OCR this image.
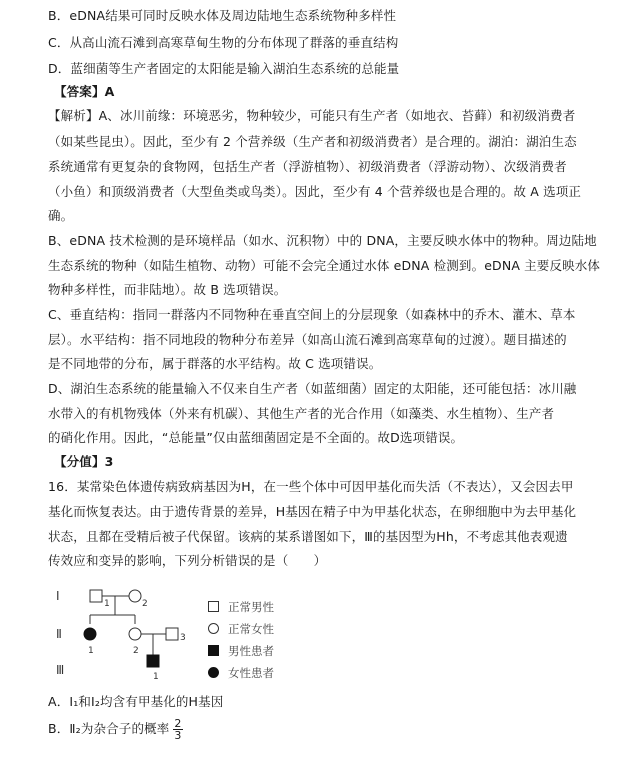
B．eDNA结果可同时反映水体及周边陆地生态系统物种多样性
C．从高山流石滩到高寒草甸生物的分布体现了群落的垂直结构
D．蓝细菌等生产者固定的太阳能是输入湖泊生态系统的总能量
【答案】A
【解析】A、冰川前缘：环境恶劣，物种较少，可能只有生产者（如地衣、苔藓）和初级消费者
（如某些昆虫）。因此，至少有 2 个营养级（生产者和初级消费者）是合理的。湖泊：湖泊生态
系统通常有更复杂的食物网，包括生产者（浮游植物）、初级消费者（浮游动物）、次级消费者
（小鱼）和顶级消费者（大型鱼类或鸟类）。因此，至少有 4 个营养级也是合理的。故 A 选项正
确。
B、eDNA 技术检测的是环境样品（如水、沉积物）中的 DNA，主要反映水体中的物种。周边陆地
生态系统的物种（如陆生植物、动物）可能不会完全通过水体 eDNA 检测到。eDNA 主要反映水体
物种多样性，而非陆地）。故 B 选项错误。
C、垂直结构：指同一群落内不同物种在垂直空间上的分层现象（如森林中的乔木、灌木、草本
层）。水平结构：指不同地段的物种分布差异（如高山流石滩到高寒草甸的过渡）。题目描述的
是不同地带的分布，属于群落的水平结构。故 C 选项错误。
D、湖泊生态系统的能量输入不仅来自生产者（如蓝细菌）固定的太阳能，还可能包括：冰川融
水带入的有机物残体（外来有机碳）、其他生产者的光合作用（如藻类、水生植物）、生产者
的硝化作用。因此，“总能量”仅由蓝细菌固定是不全面的。故D选项错误。
【分值】3
16．某常染色体遗传病致病基因为H，在一些个体中可因甲基化而失活（不表达），又会因去甲
基化而恢复表达。由于遗传背景的差异，H基因在精子中为甲基化状态，在卵细胞中为去甲基化
状态，且都在受精后被子代保留。该病的某系谱图如下，Ⅲ的基因型为Hh，不考虑其他表观遗
传效应和变异的影响，下列分析错误的是（　　）
Ⅰ
Ⅱ
Ⅲ
1	2
1	2
3
1
正常男性
正常女性
男性患者
女性患者
A．Ⅰ₁和Ⅰ₂均含有甲基化的H基因
B．Ⅱ₂为杂合子的概率 $\frac{2}{3}$
